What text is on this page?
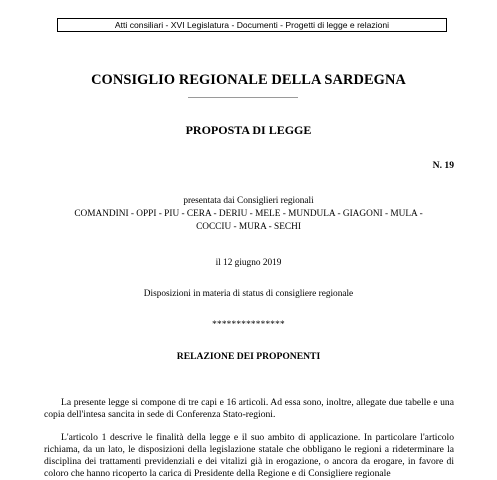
Atti consiliari - XVI Legislatura - Documenti - Progetti di legge e relazioni
CONSIGLIO REGIONALE DELLA SARDEGNA
PROPOSTA DI LEGGE
N. 19
presentata dai Consiglieri regionali
COMANDINI - OPPI - PIU - CERA - DERIU - MELE - MUNDULA - GIAGONI - MULA -
COCCIU - MURA - SECHI
il 12 giugno 2019
Disposizioni in materia di status di consigliere regionale
***************
RELAZIONE DEI PROPONENTI

La presente legge si compone di tre capi e 16 articoli. Ad essa sono, inoltre, allegate due tabelle e una copia dell'intesa sancita in sede di Conferenza Stato-regioni.

L'articolo 1 descrive le finalità della legge e il suo ambito di applicazione. In particolare l'articolo richiama, da un lato, le disposizioni della legislazione statale che obbligano le regioni a rideterminare la disciplina dei trattamenti previdenziali e dei vitalizi già in erogazione, o ancora da erogare, in favore di coloro che hanno ricoperto la carica di Presidente della Regione e di Consigliere regionale
